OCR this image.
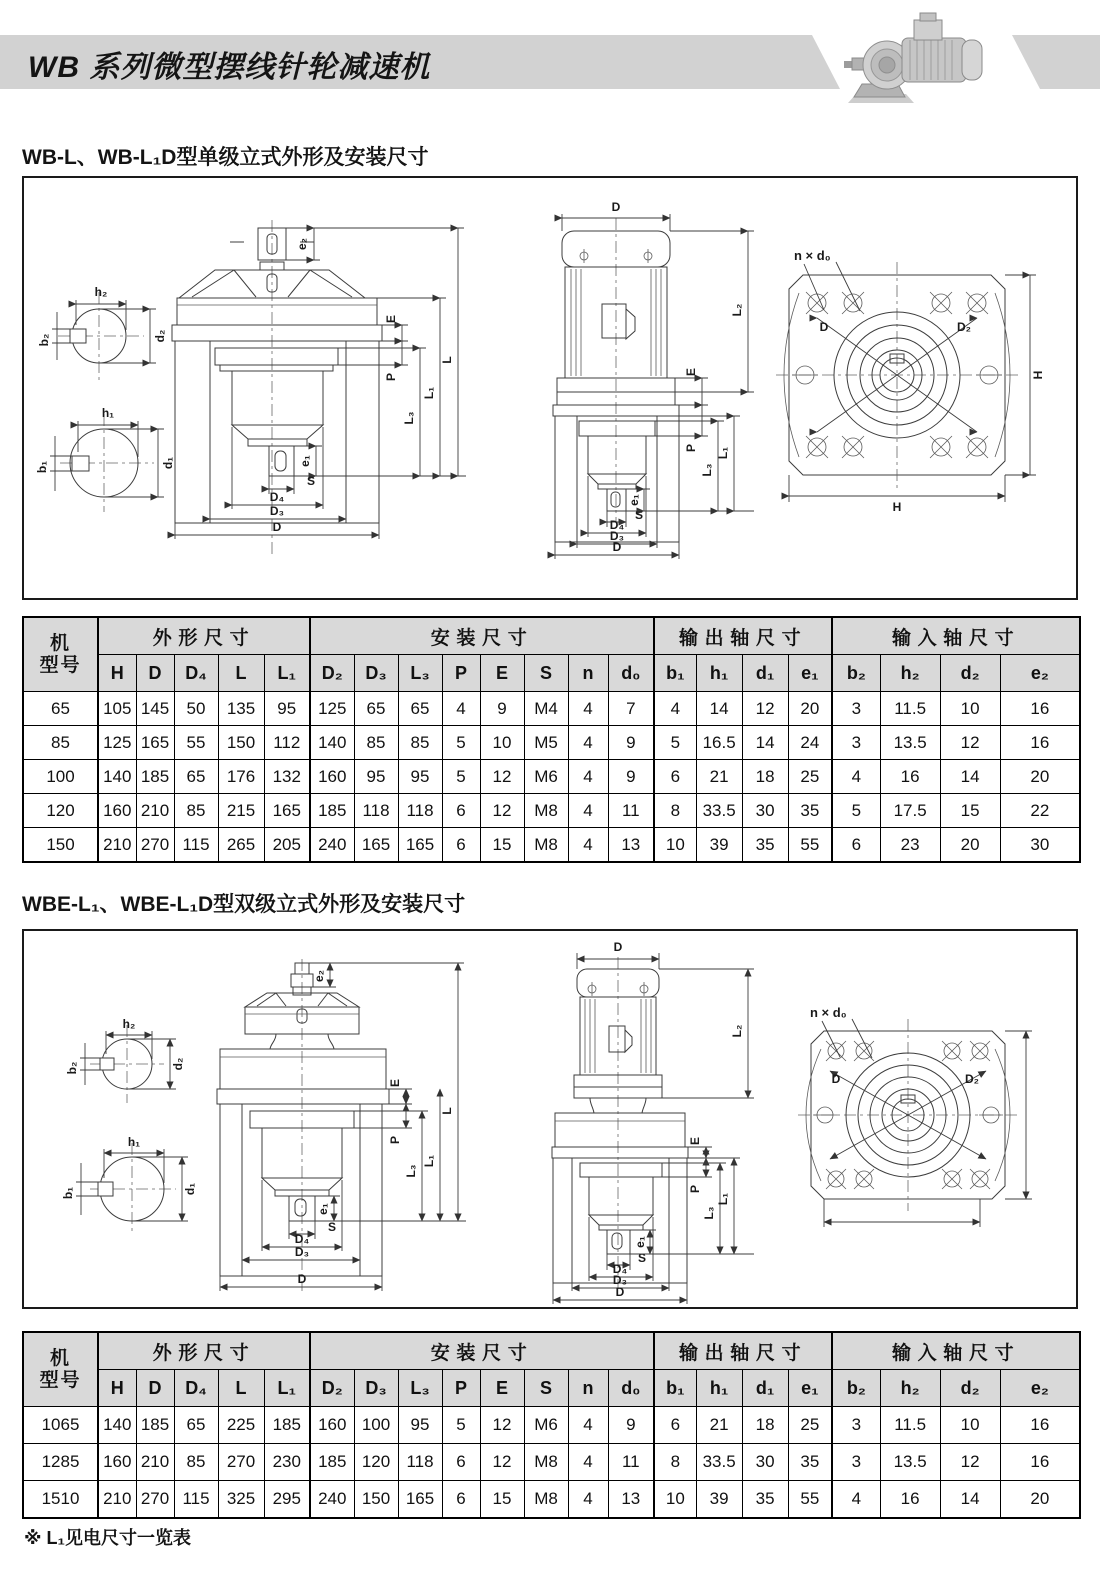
WB 系列微型摆线针轮减速机
WB-L、WB-L₁D型单级立式外形及安装尺寸
h₂
b₂	d₂
h₁
b₁	d₁
e₂
e₁
S
D₄
D₃
D
E
P
L₃
L₁
L
D
e₁
S
D₄
D₃
D
E
P
L₃
L₁
L₂
D	D₂
n × d₀
H
H
机
型号	外形尺寸					安装尺寸								输出轴尺寸				输入轴尺寸			
	H	D	D₄	L	L₁	D₂	D₃	L₃	P	E	S	n	d₀	b₁	h₁	d₁	e₁	b₂	h₂	d₂	e₂
65	105	145	50	135	95	125	65	65	4	9	M4	4	7	4	14	12	20	3	11.5	10	16
85	125	165	55	150	112	140	85	85	5	10	M5	4	9	5	16.5	14	24	3	13.5	12	16
100	140	185	65	176	132	160	95	95	5	12	M6	4	9	6	21	18	25	4	16	14	20
120	160	210	85	215	165	185	118	118	6	12	M8	4	11	8	33.5	30	35	5	17.5	15	22
150	210	270	115	265	205	240	165	165	6	15	M8	4	13	10	39	35	55	6	23	20	30
WBE-L₁、WBE-L₁D型双级立式外形及安装尺寸
h₂
b₂	d₂
h₁
b₁	d₁
e₂
e₁
S
D₄
D₃
D
E
P
L₃
L₁
L
D
e₁
S
D₄
D₃
D
E
P
L₃
L₁
L₂
D	D₂
n × d₀
机
型号	外形尺寸					安装尺寸								输出轴尺寸				输入轴尺寸			
	H	D	D₄	L	L₁	D₂	D₃	L₃	P	E	S	n	d₀	b₁	h₁	d₁	e₁	b₂	h₂	d₂	e₂
1065	140	185	65	225	185	160	100	95	5	12	M6	4	9	6	21	18	25	3	11.5	10	16
1285	160	210	85	270	230	185	120	118	6	12	M8	4	11	8	33.5	30	35	3	13.5	12	16
1510	210	270	115	325	295	240	150	165	6	15	M8	4	13	10	39	35	55	4	16	14	20
※ L₁见电尺寸一览表
